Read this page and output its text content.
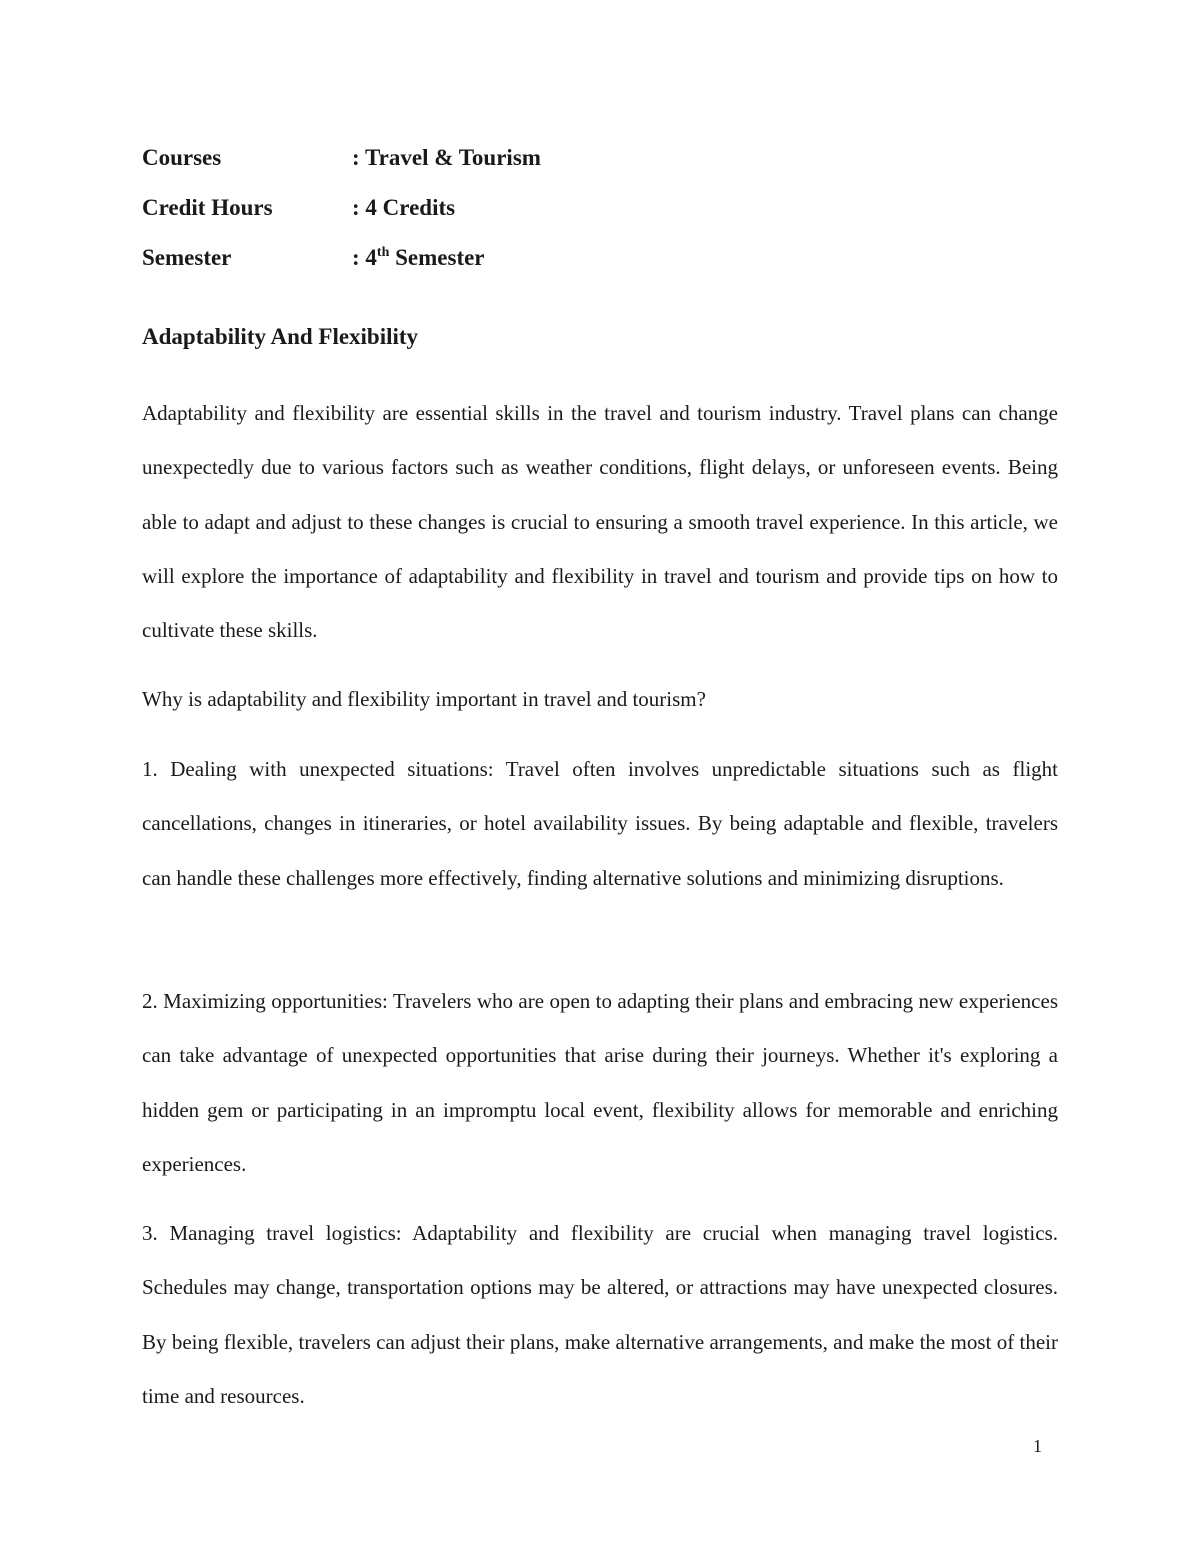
Courses	: Travel & Tourism
Credit Hours	: 4 Credits
Semester	: 4th Semester
Adaptability And Flexibility

Adaptability and flexibility are essential skills in the travel and tourism industry. Travel plans can change unexpectedly due to various factors such as weather conditions, flight delays, or unforeseen events. Being able to adapt and adjust to these changes is crucial to ensuring a smooth travel experience. In this article, we will explore the importance of adaptability and flexibility in travel and tourism and provide tips on how to cultivate these skills.

Why is adaptability and flexibility important in travel and tourism?

1. Dealing with unexpected situations: Travel often involves unpredictable situations such as flight cancellations, changes in itineraries, or hotel availability issues. By being adaptable and flexible, travelers can handle these challenges more effectively, finding alternative solutions and minimizing disruptions.

2. Maximizing opportunities: Travelers who are open to adapting their plans and embracing new experiences can take advantage of unexpected opportunities that arise during their journeys. Whether it's exploring a hidden gem or participating in an impromptu local event, flexibility allows for memorable and enriching experiences.

3. Managing travel logistics: Adaptability and flexibility are crucial when managing travel logistics. Schedules may change, transportation options may be altered, or attractions may have unexpected closures. By being flexible, travelers can adjust their plans, make alternative arrangements, and make the most of their time and resources.

1
